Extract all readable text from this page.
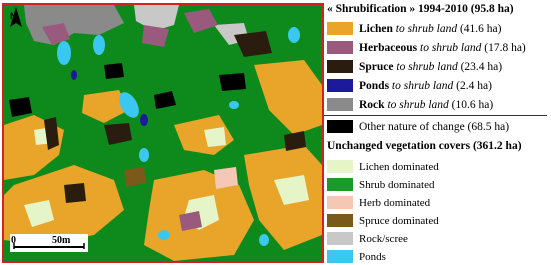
N
0	50m
« Shrubification » 1994-2010 (95.8 ha)
Lichen to shrub land (41.6 ha)
Herbaceous to shrub land (17.8 ha)
Spruce to shrub land (23.4 ha)
Ponds to shrub land (2.4 ha)
Rock to shrub land (10.6 ha)
Other nature of change (68.5 ha)
Unchanged vegetation covers (361.2 ha)
Lichen dominated
Shrub dominated
Herb dominated
Spruce dominated
Rock/scree
Ponds
